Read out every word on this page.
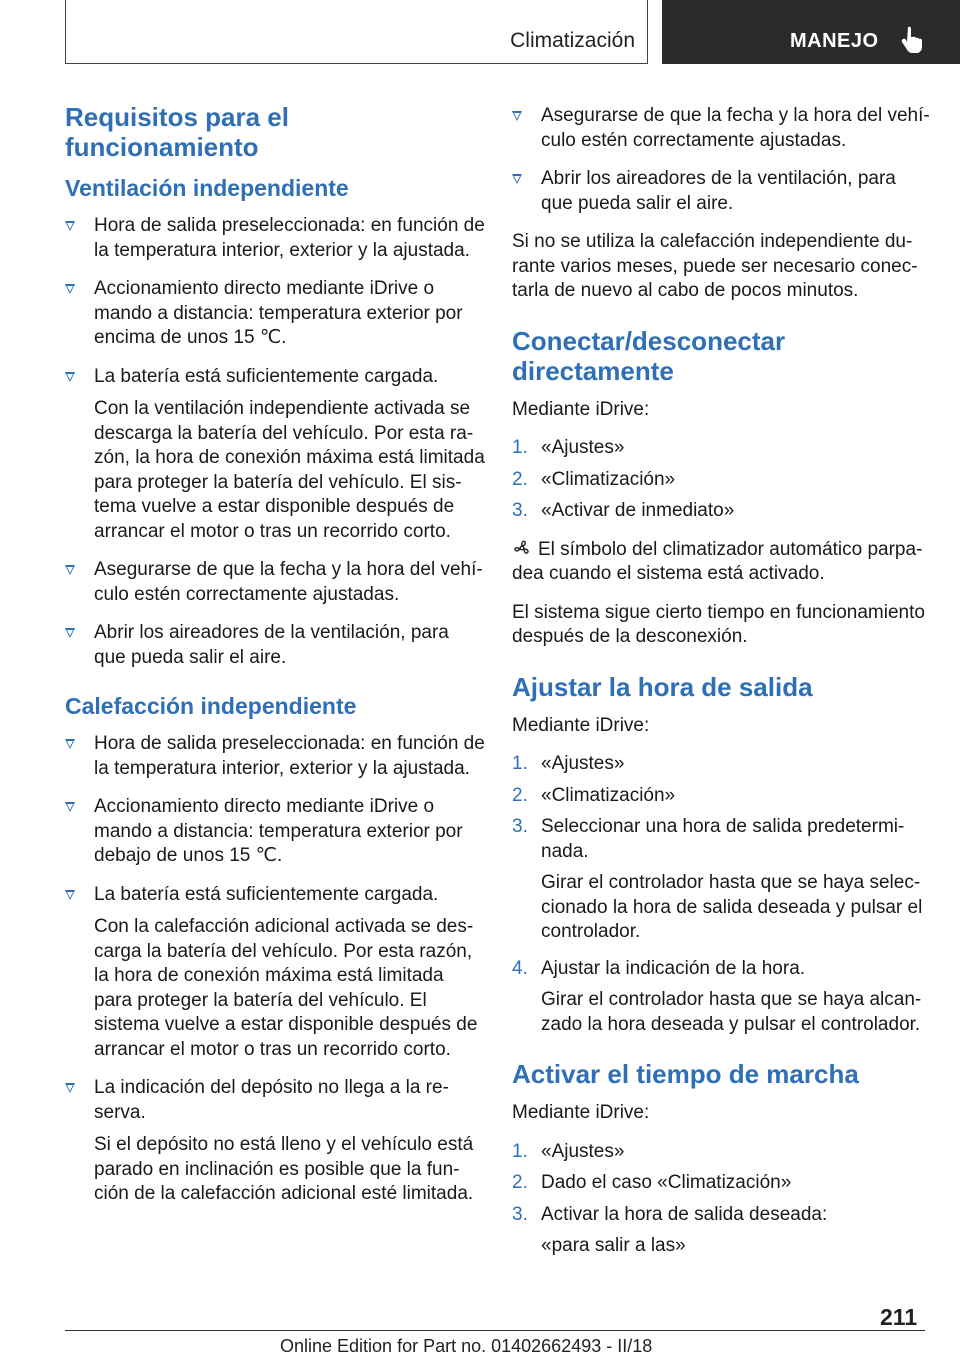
Climatización	MANEJO
Requisitos para el funcionamiento
Ventilación independiente
Hora de salida preseleccionada: en función de la temperatura interior, exterior y la ajustada.
Accionamiento directo mediante iDrive o mando a distancia: temperatura exterior por encima de unos 15 ℃.
La batería está suficientemente cargada.
Con la ventilación independiente activada se descarga la batería del vehículo. Por esta razón, la hora de conexión máxima está limitada para proteger la batería del vehículo. El sistema vuelve a estar disponible después de arrancar el motor o tras un recorrido corto.
Asegurarse de que la fecha y la hora del vehículo estén correctamente ajustadas.
Abrir los aireadores de la ventilación, para que pueda salir el aire.
Calefacción independiente
Hora de salida preseleccionada: en función de la temperatura interior, exterior y la ajustada.
Accionamiento directo mediante iDrive o mando a distancia: temperatura exterior por debajo de unos 15 ℃.
La batería está suficientemente cargada.
Con la calefacción adicional activada se descarga la batería del vehículo. Por esta razón, la hora de conexión máxima está limitada para proteger la batería del vehículo. El sistema vuelve a estar disponible después de arrancar el motor o tras un recorrido corto.
La indicación del depósito no llega a la reserva.
Si el depósito no está lleno y el vehículo está parado en inclinación es posible que la función de la calefacción adicional esté limitada.
Asegurarse de que la fecha y la hora del vehículo estén correctamente ajustadas.
Abrir los aireadores de la ventilación, para que pueda salir el aire.
Si no se utiliza la calefacción independiente durante varios meses, puede ser necesario conectarla de nuevo al cabo de pocos minutos.
Conectar/desconectar directamente
Mediante iDrive:
1. «Ajustes»
2. «Climatización»
3. «Activar de inmediato»
El símbolo del climatizador automático parpadea cuando el sistema está activado.
El sistema sigue cierto tiempo en funcionamiento después de la desconexión.
Ajustar la hora de salida
Mediante iDrive:
1. «Ajustes»
2. «Climatización»
3. Seleccionar una hora de salida predeterminada.
Girar el controlador hasta que se haya seleccionado la hora de salida deseada y pulsar el controlador.
4. Ajustar la indicación de la hora.
Girar el controlador hasta que se haya alcanzado la hora deseada y pulsar el controlador.
Activar el tiempo de marcha
Mediante iDrive:
1. «Ajustes»
2. Dado el caso «Climatización»
3. Activar la hora de salida deseada:
«para salir a las»
211
Online Edition for Part no. 01402662493 - II/18
